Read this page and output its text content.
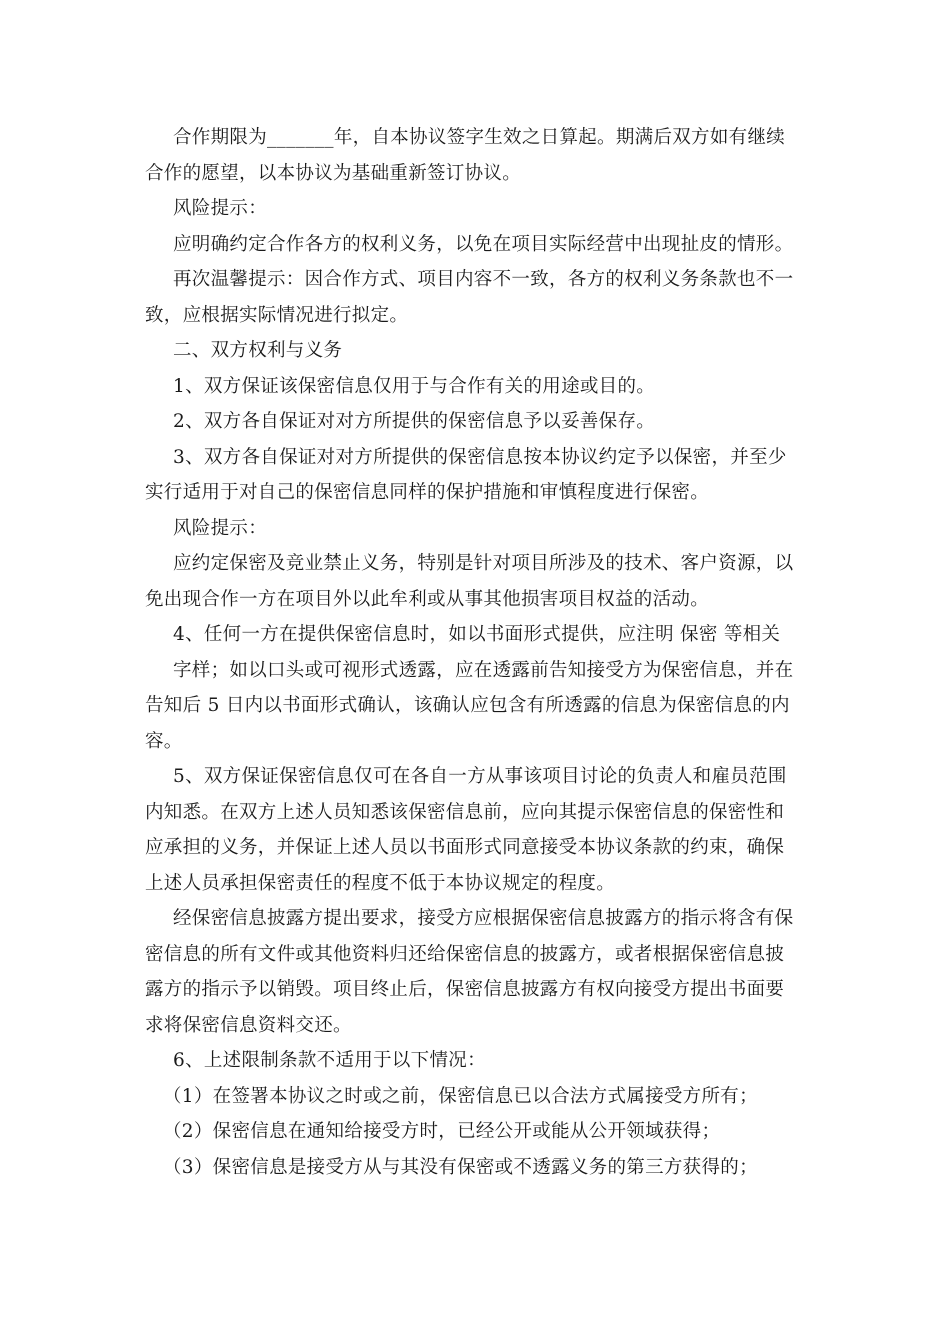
合作期限为_______年，自本协议签字生效之日算起。期满后双方如有继续
合作的愿望，以本协议为基础重新签订协议。

风险提示：

应明确约定合作各方的权利义务，以免在项目实际经营中出现扯皮的情形。

再次温馨提示：因合作方式、项目内容不一致，各方的权利义务条款也不一
致，应根据实际情况进行拟定。

二、双方权利与义务

1、双方保证该保密信息仅用于与合作有关的用途或目的。

2、双方各自保证对对方所提供的保密信息予以妥善保存。

3、双方各自保证对对方所提供的保密信息按本协议约定予以保密，并至少
实行适用于对自己的保密信息同样的保护措施和审慎程度进行保密。

风险提示：

应约定保密及竞业禁止义务，特别是针对项目所涉及的技术、客户资源，以
免出现合作一方在项目外以此牟利或从事其他损害项目权益的活动。

4、任何一方在提供保密信息时，如以书面形式提供，应注明 保密 等相关
字样；如以口头或可视形式透露，应在透露前告知接受方为保密信息，并在
告知后 5 日内以书面形式确认，该确认应包含有所透露的信息为保密信息的内
容。

5、双方保证保密信息仅可在各自一方从事该项目讨论的负责人和雇员范围
内知悉。在双方上述人员知悉该保密信息前，应向其提示保密信息的保密性和
应承担的义务，并保证上述人员以书面形式同意接受本协议条款的约束，确保
上述人员承担保密责任的程度不低于本协议规定的程度。

经保密信息披露方提出要求，接受方应根据保密信息披露方的指示将含有保
密信息的所有文件或其他资料归还给保密信息的披露方，或者根据保密信息披
露方的指示予以销毁。项目终止后，保密信息披露方有权向接受方提出书面要
求将保密信息资料交还。

6、上述限制条款不适用于以下情况：

（1）在签署本协议之时或之前，保密信息已以合法方式属接受方所有；

（2）保密信息在通知给接受方时，已经公开或能从公开领域获得；

（3）保密信息是接受方从与其没有保密或不透露义务的第三方获得的；
